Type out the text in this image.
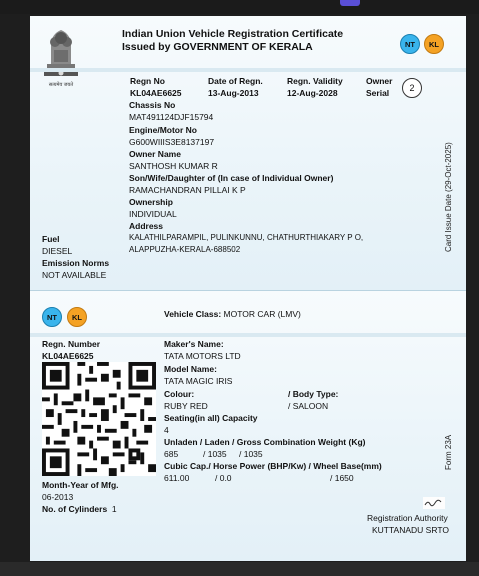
सत्यमेव जयते
Indian Union Vehicle Registration Certificate
Issued by GOVERNMENT OF KERALA	NT	KL
Regn No
KL04AE6625
Date of Regn.
13-Aug-2013
Regn. Validity
12-Aug-2028
Owner
Serial	2
Chassis No
MAT491124DJF15794
Engine/Motor No
G600WIIIS3E8137197
Owner Name
SANTHOSH KUMAR R
Son/Wife/Daughter of (In case of Individual Owner)
RAMACHANDRAN PILLAI K P
Ownership
INDIVIDUAL
Address
KALATHILPARAMPIL, PULINKUNNU, CHATHURTHIAKARY P O,
ALAPPUZHA-KERALA-688502
Fuel
DIESEL
Emission Norms
NOT AVAILABLE
Card Issue Date (29-Oct-2025)
NT	KL	Vehicle Class: MOTOR CAR (LMV)
Regn. Number
KL04AE6625
Month-Year of Mfg.
06-2013
No. of Cylinders 1
Maker's Name:
TATA MOTORS LTD
Model Name:
TATA MAGIC IRIS
Colour:	/ Body Type:
RUBY RED	/ SALOON
Seating(in all) Capacity
4
Unladen / Laden / Gross Combination Weight (Kg)
685	/ 1035 / 1035
Cubic Cap./ Horse Power (BHP/Kw) / Wheel Base(mm)
611.00	/ 0.0	/ 1650
Registration Authority
KUTTANADU SRTO
Form 23A
